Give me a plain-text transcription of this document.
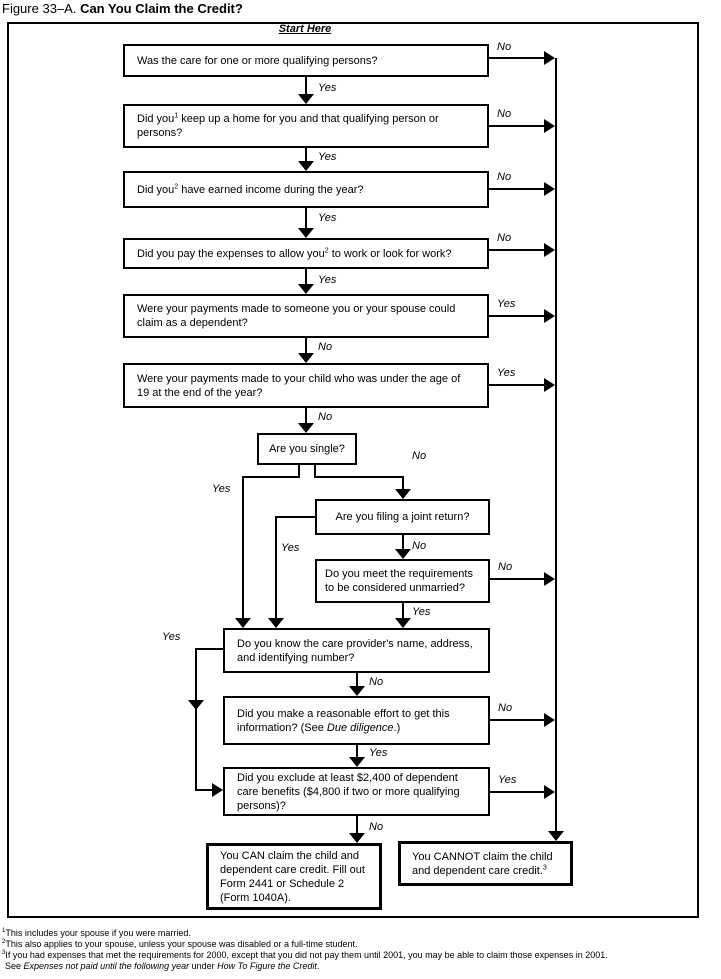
Figure 33–A. Can You Claim the Credit?
Start Here
Was the care for one or more qualifying persons?
Did you$^1$ keep up a home for you and that qualifying person or persons?
Did you$^2$ have earned income during the year?
Did you pay the expenses to allow you$^2$ to work or look for work?
Were your payments made to someone you or your spouse could claim as a dependent?
Were your payments made to your child who was under the age of 19 at the end of the year?
Are you single?
Are you filing a joint return?
Do you meet the requirements to be considered unmarried?
Do you know the care provider's name, address, and identifying number?
Did you make a reasonable effort to get this information? (See Due diligence.)
Did you exclude at least $2,400 of dependent care benefits ($4,800 if two or more qualifying persons)?
You CAN claim the child and dependent care credit. Fill out Form 2441 or Schedule 2 (Form 1040A).
You CANNOT claim the child and dependent care credit.$^3$
No
No
No
No
Yes
Yes
No
No
Yes
Yes
Yes
Yes
Yes
No
No
Yes
No
Yes	No
Yes
Yes
No
Yes
No
$^1$This includes your spouse if you were married.
$^2$This also applies to your spouse, unless your spouse was disabled or a full-time student.
$^3$If you had expenses that met the requirements for 2000, except that you did not pay them until 2001, you may be able to claim those expenses in 2001.
See Expenses not paid until the following year under How To Figure the Credit.
